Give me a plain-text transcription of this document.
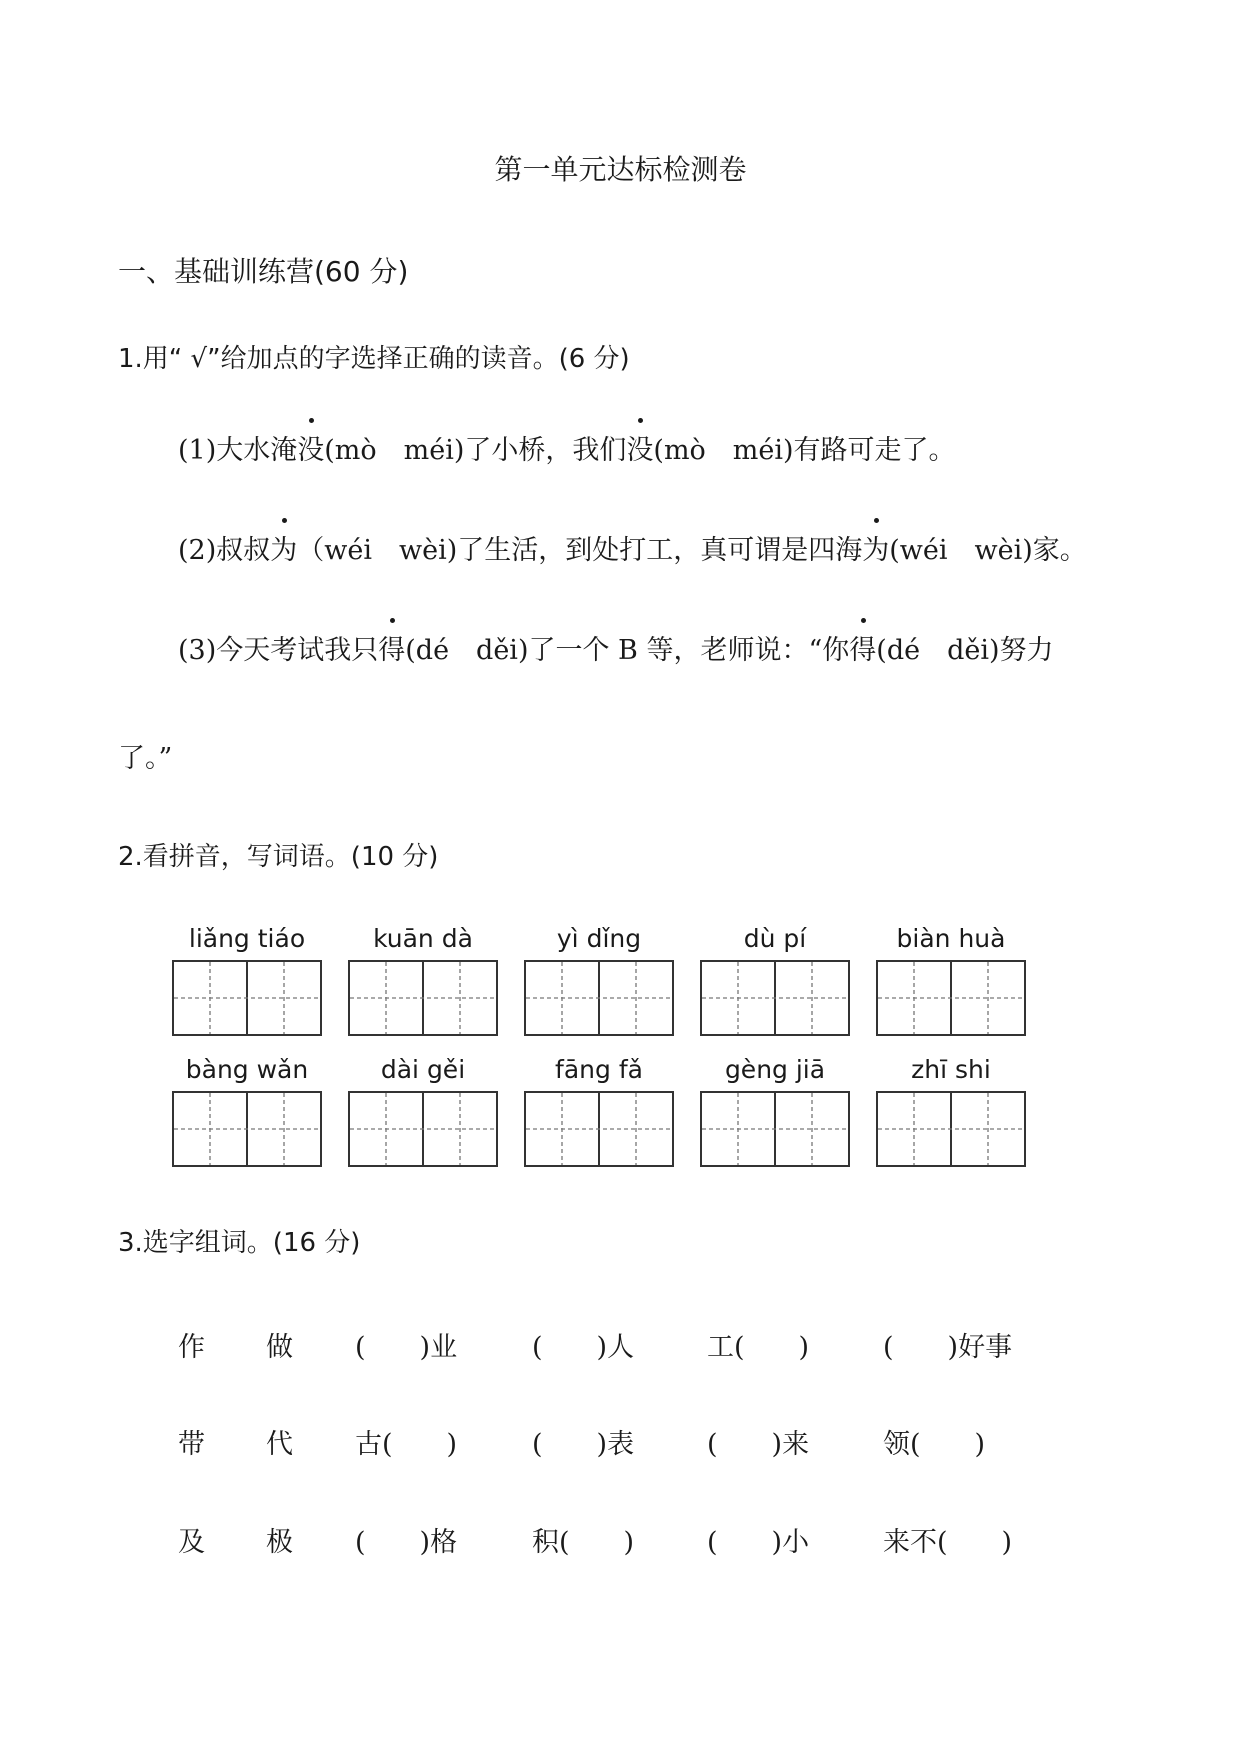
第一单元达标检测卷
一、基础训练营(60 分)
1.用“ √”给加点的字选择正确的读音。(6 分)
(1)大水淹没(mò　méi)了小桥，我们没(mò　méi)有路可走了。
(2)叔叔为（wéi　wèi)了生活，到处打工，真可谓是四海为(wéi　wèi)家。
(3)今天考试我只得(dé　děi)了一个 B 等，老师说：“你得(dé　děi)努力
了。”
2.看拼音，写词语。(10 分)
liǎng tiáo	kuān dà	yì dǐng	dù pí	biàn huà
bàng wǎn	dài gěi	fāng fǎ	gèng jiā	zhī shi
3.选字组词。(16 分)
作 做 (　　)业	(　　)人	工(　　)	(　　)好事
带 代 古(　　)	(　　)表	(　　)来	领(　　)
及 极 (　　)格	积(　　)	(　　)小	来不(　　)
